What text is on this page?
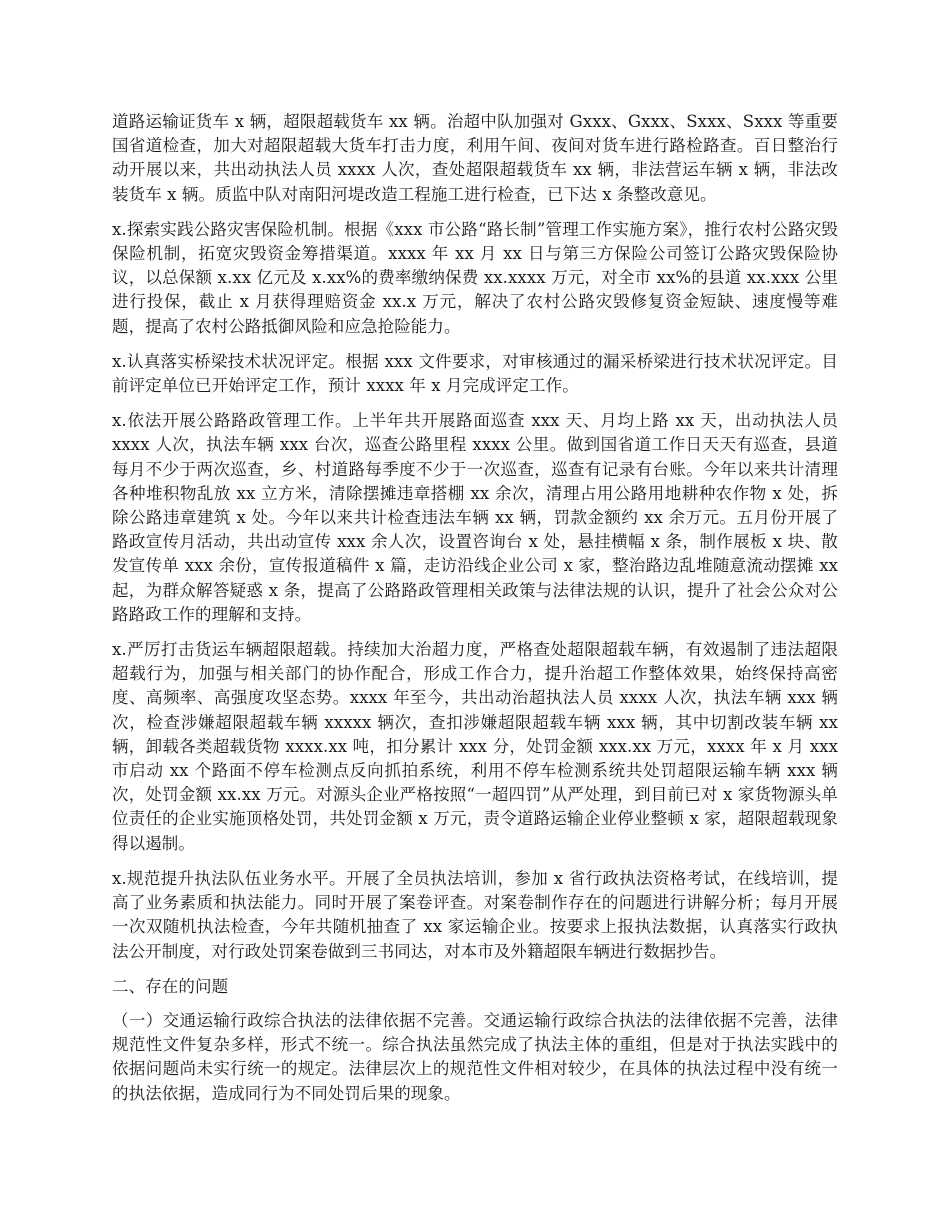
道路运输证货车 x 辆，超限超载货车 xx 辆。治超中队加强对 Gxxx、Gxxx、Sxxx、Sxxx 等重要国省道检查，加大对超限超载大货车打击力度，利用午间、夜间对货车进行路检路查。百日整治行动开展以来，共出动执法人员 xxxx 人次，查处超限超载货车 xx 辆，非法营运车辆 x 辆，非法改装货车 x 辆。质监中队对南阳河堤改造工程施工进行检查，已下达 x 条整改意见。

x.探索实践公路灾害保险机制。根据《xxx 市公路“路长制”管理工作实施方案》，推行农村公路灾毁保险机制，拓宽灾毁资金筹措渠道。xxxx 年 xx 月 xx 日与第三方保险公司签订公路灾毁保险协议，以总保额 x.xx 亿元及 x.xx%的费率缴纳保费 xx.xxxx 万元，对全市 xx%的县道 xx.xxx 公里进行投保，截止 x 月获得理赔资金 xx.x 万元，解决了农村公路灾毁修复资金短缺、速度慢等难题，提高了农村公路抵御风险和应急抢险能力。

x.认真落实桥梁技术状况评定。根据 xxx 文件要求，对审核通过的漏采桥梁进行技术状况评定。目前评定单位已开始评定工作，预计 xxxx 年 x 月完成评定工作。

x.依法开展公路路政管理工作。上半年共开展路面巡查 xxx 天、月均上路 xx 天，出动执法人员 xxxx 人次，执法车辆 xxx 台次，巡查公路里程 xxxx 公里。做到国省道工作日天天有巡查，县道每月不少于两次巡查，乡、村道路每季度不少于一次巡查，巡查有记录有台账。今年以来共计清理各种堆积物乱放 xx 立方米，清除摆摊违章搭棚 xx 余次，清理占用公路用地耕种农作物 x 处，拆除公路违章建筑 x 处。今年以来共计检查违法车辆 xx 辆，罚款金额约 xx 余万元。五月份开展了路政宣传月活动，共出动宣传 xxx 余人次，设置咨询台 x 处，悬挂横幅 x 条，制作展板 x 块、散发宣传单 xxx 余份，宣传报道稿件 x 篇，走访沿线企业公司 x 家，整治路边乱堆随意流动摆摊 xx 起，为群众解答疑惑 x 条，提高了公路路政管理相关政策与法律法规的认识，提升了社会公众对公路路政工作的理解和支持。

x.严厉打击货运车辆超限超载。持续加大治超力度，严格查处超限超载车辆，有效遏制了违法超限超载行为，加强与相关部门的协作配合，形成工作合力，提升治超工作整体效果，始终保持高密度、高频率、高强度攻坚态势。xxxx 年至今，共出动治超执法人员 xxxx 人次，执法车辆 xxx 辆次，检查涉嫌超限超载车辆 xxxxx 辆次，查扣涉嫌超限超载车辆 xxx 辆，其中切割改装车辆 xx 辆，卸载各类超载货物 xxxx.xx 吨，扣分累计 xxx 分，处罚金额 xxx.xx 万元，xxxx 年 x 月 xxx 市启动 xx 个路面不停车检测点反向抓拍系统，利用不停车检测系统共处罚超限运输车辆 xxx 辆次，处罚金额 xx.xx 万元。对源头企业严格按照“一超四罚”从严处理，到目前已对 x 家货物源头单位责任的企业实施顶格处罚，共处罚金额 x 万元，责令道路运输企业停业整顿 x 家，超限超载现象得以遏制。

x.规范提升执法队伍业务水平。开展了全员执法培训，参加 x 省行政执法资格考试，在线培训，提高了业务素质和执法能力。同时开展了案卷评查。对案卷制作存在的问题进行讲解分析；每月开展一次双随机执法检查，今年共随机抽查了 xx 家运输企业。按要求上报执法数据，认真落实行政执法公开制度，对行政处罚案卷做到三书同达，对本市及外籍超限车辆进行数据抄告。

二、存在的问题

（一）交通运输行政综合执法的法律依据不完善。交通运输行政综合执法的法律依据不完善，法律规范性文件复杂多样，形式不统一。综合执法虽然完成了执法主体的重组，但是对于执法实践中的依据问题尚未实行统一的规定。法律层次上的规范性文件相对较少，在具体的执法过程中没有统一的执法依据，造成同行为不同处罚后果的现象。
